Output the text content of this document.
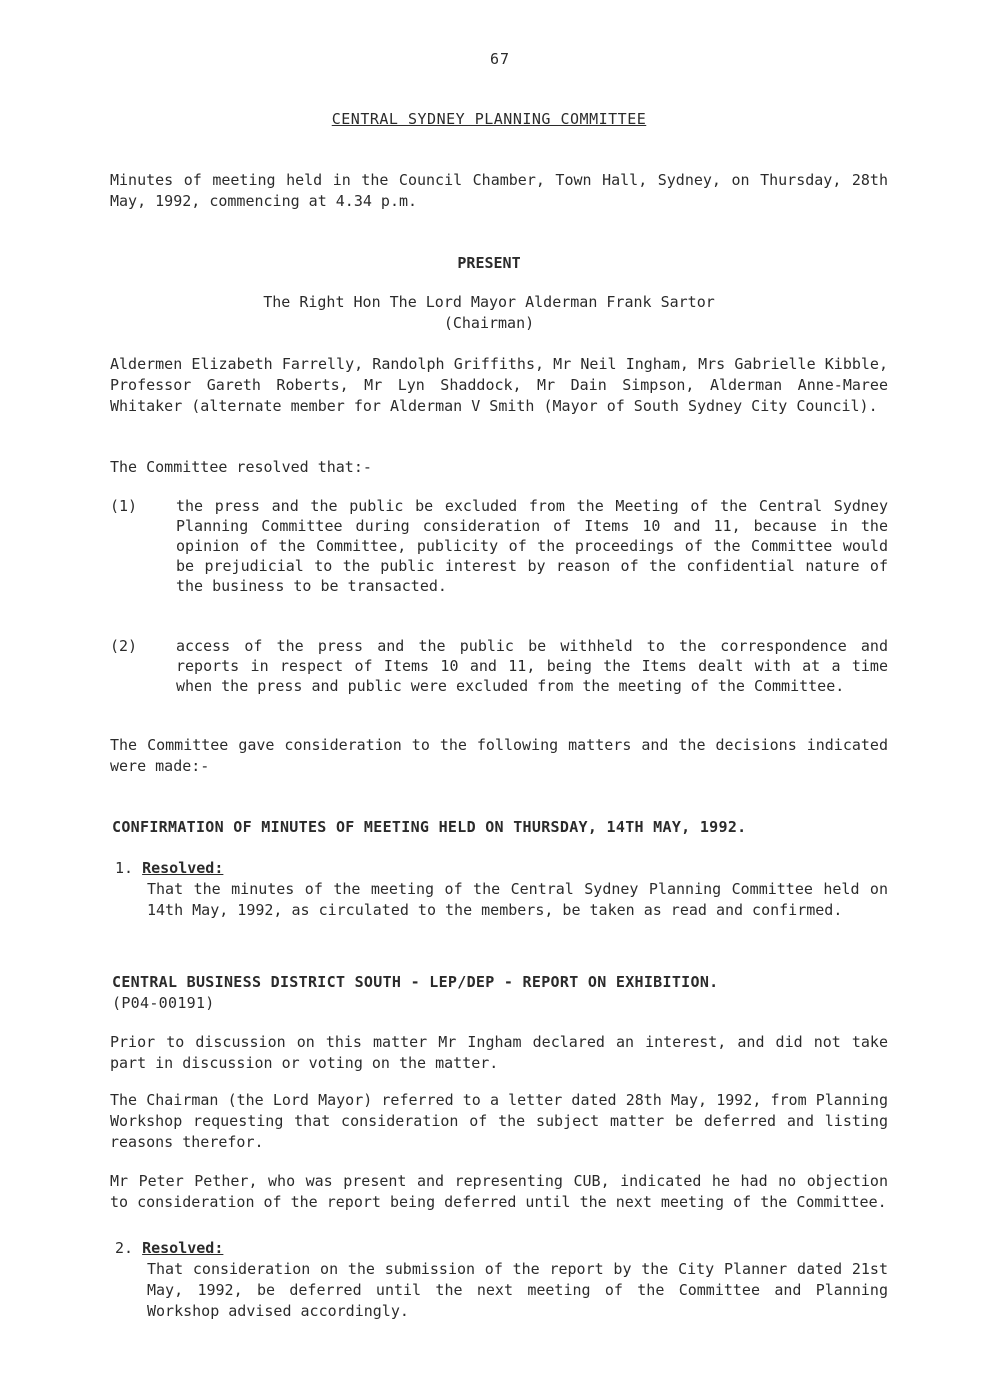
67
CENTRAL SYDNEY PLANNING COMMITTEE
Minutes of meeting held in the Council Chamber, Town Hall, Sydney, on Thursday, 28th May, 1992, commencing at 4.34 p.m.
PRESENT
The Right Hon The Lord Mayor Alderman Frank Sartor
(Chairman)
Aldermen Elizabeth Farrelly, Randolph Griffiths, Mr Neil Ingham, Mrs Gabrielle Kibble, Professor Gareth Roberts, Mr Lyn Shaddock, Mr Dain Simpson, Alderman Anne-Maree Whitaker (alternate member for Alderman V Smith (Mayor of South Sydney City Council).
The Committee resolved that:-
(1)	the press and the public be excluded from the Meeting of the Central Sydney Planning Committee during consideration of Items 10 and 11, because in the opinion of the Committee, publicity of the proceedings of the Committee would be prejudicial to the public interest by reason of the confidential nature of the business to be transacted.
(2)	access of the press and the public be withheld to the correspondence and reports in respect of Items 10 and 11, being the Items dealt with at a time when the press and public were excluded from the meeting of the Committee.
The Committee gave consideration to the following matters and the decisions indicated were made:-
CONFIRMATION OF MINUTES OF MEETING HELD ON THURSDAY, 14TH MAY, 1992.
1. Resolved:
That the minutes of the meeting of the Central Sydney Planning Committee held on 14th May, 1992, as circulated to the members, be taken as read and confirmed.
CENTRAL BUSINESS DISTRICT SOUTH - LEP/DEP - REPORT ON EXHIBITION.
(P04-00191)
Prior to discussion on this matter Mr Ingham declared an interest, and did not take part in discussion or voting on the matter.
The Chairman (the Lord Mayor) referred to a letter dated 28th May, 1992, from Planning Workshop requesting that consideration of the subject matter be deferred and listing reasons therefor.
Mr Peter Pether, who was present and representing CUB, indicated he had no objection to consideration of the report being deferred until the next meeting of the Committee.
2. Resolved:
That consideration on the submission of the report by the City Planner dated 21st May, 1992, be deferred until the next meeting of the Committee and Planning Workshop advised accordingly.
